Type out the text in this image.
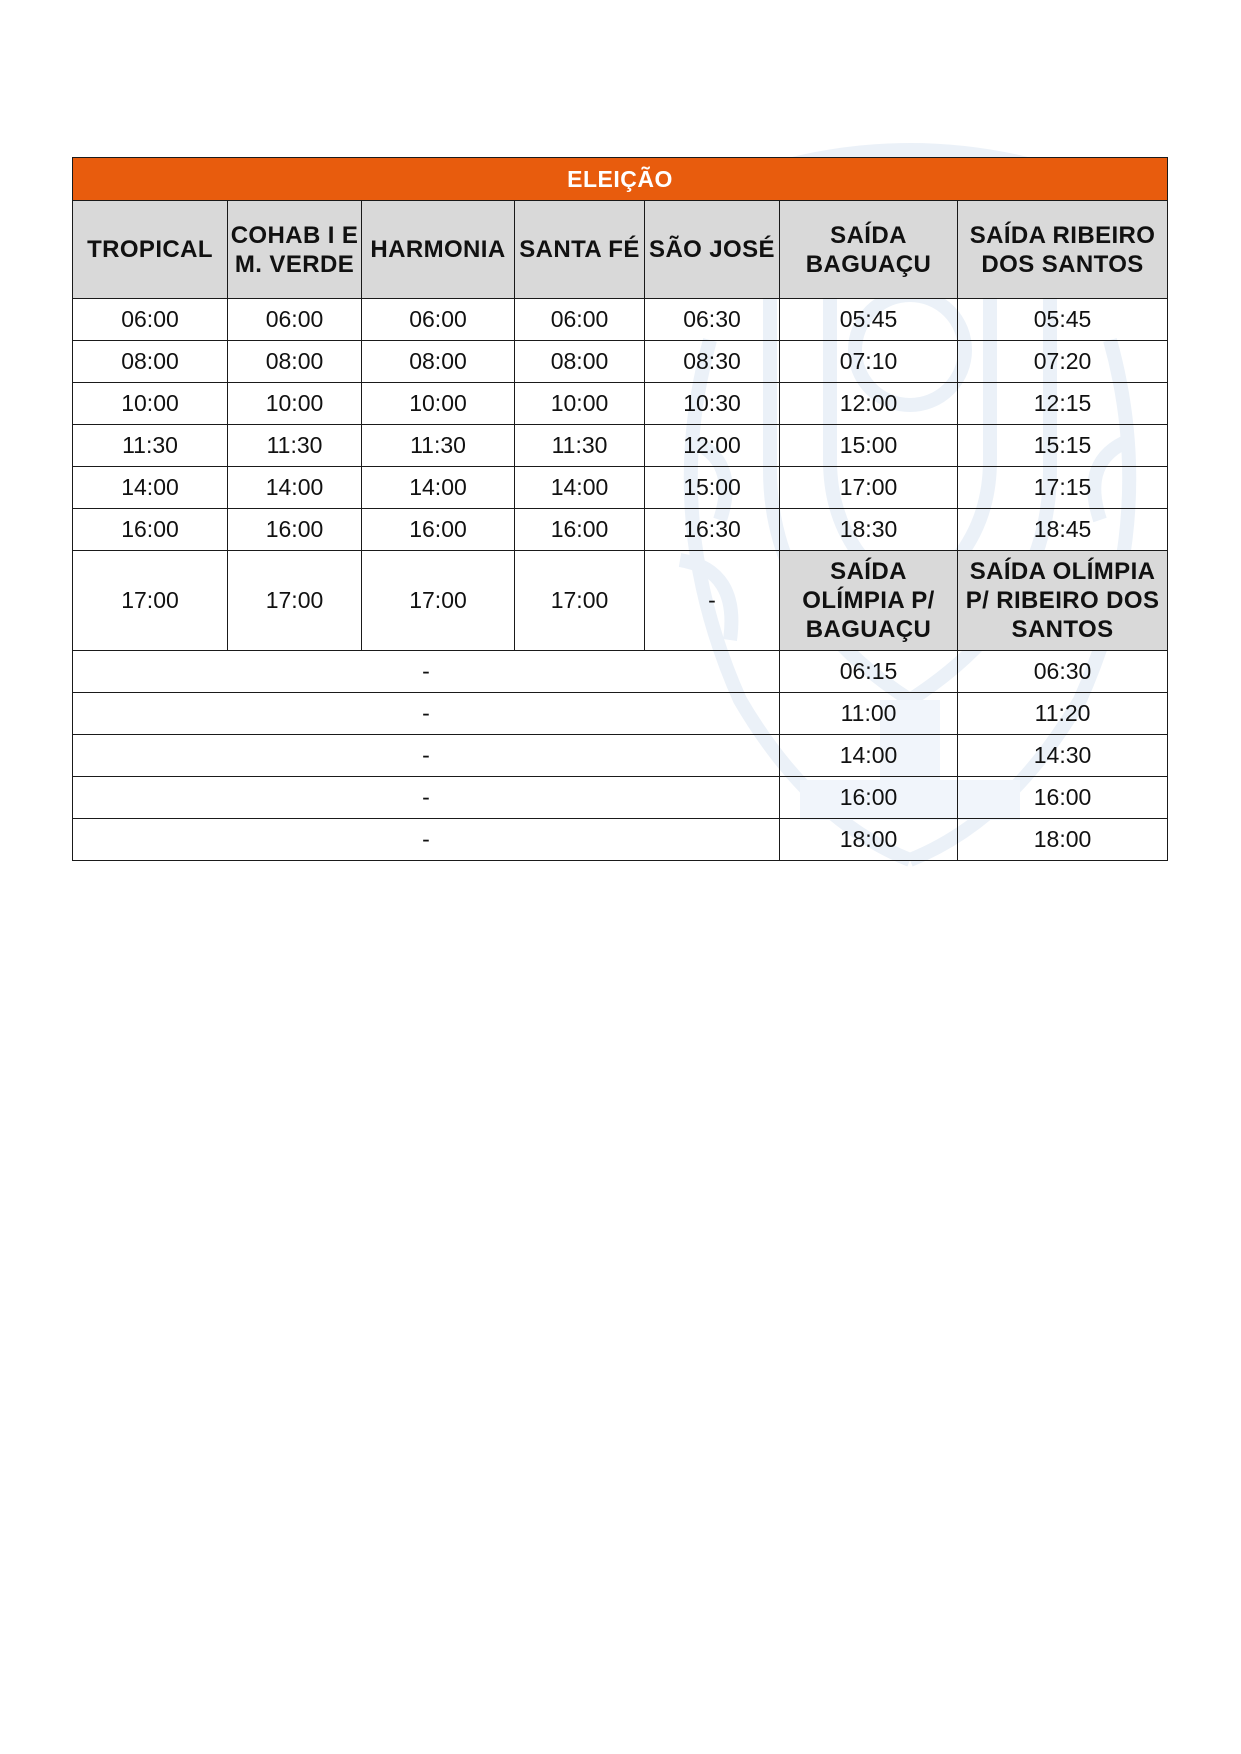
ELEIÇÃO						
TROPICAL	COHAB I E M. VERDE	HARMONIA	SANTA FÉ	SÃO JOSÉ	SAÍDA BAGUAÇU	SAÍDA RIBEIRO DOS SANTOS
06:00	06:00	06:00	06:00	06:30	05:45	05:45
08:00	08:00	08:00	08:00	08:30	07:10	07:20
10:00	10:00	10:00	10:00	10:30	12:00	12:15
11:30	11:30	11:30	11:30	12:00	15:00	15:15
14:00	14:00	14:00	14:00	15:00	17:00	17:15
16:00	16:00	16:00	16:00	16:30	18:30	18:45
17:00	17:00	17:00	17:00	-	SAÍDA OLÍMPIA P/ BAGUAÇU	SAÍDA OLÍMPIA P/ RIBEIRO DOS SANTOS
-					06:15	06:30
-					11:00	11:20
-					14:00	14:30
-					16:00	16:00
-					18:00	18:00
